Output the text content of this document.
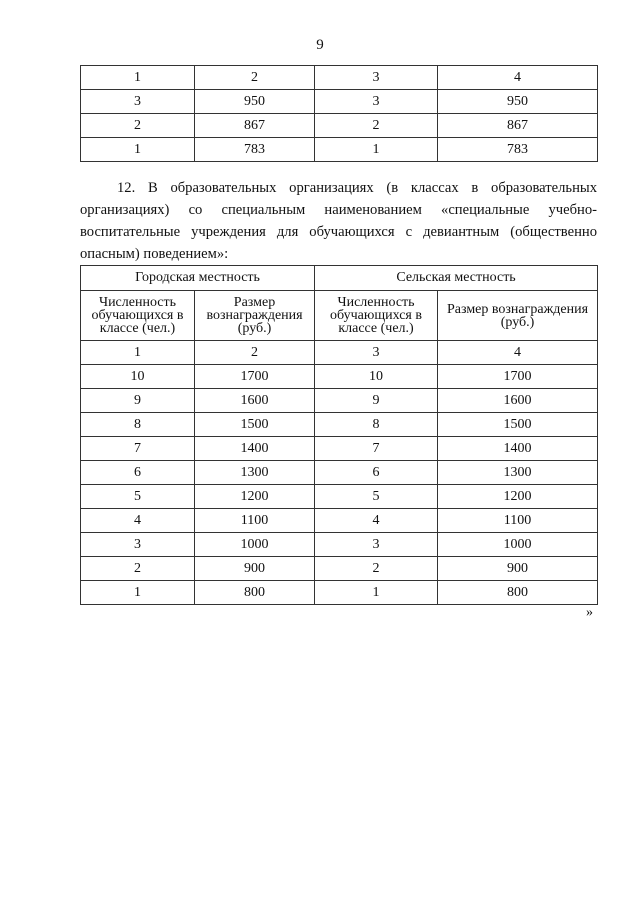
9
1	2	3	4
3	950	3	950
2	867	2	867
1	783	1	783

12. В образовательных организациях (в классах в образовательных организациях) со специальным наименованием «специальные учебно-воспитательные учреждения для обучающихся с девиантным (общественно опасным) поведением»:

Городская местность		Сельская местность	
Численность обучающихся в классе (чел.)	Размер вознаграждения (руб.)	Численность обучающихся в классе (чел.)	Размер вознаграждения (руб.)
1	2	3	4
10	1700	10	1700
9	1600	9	1600
8	1500	8	1500
7	1400	7	1400
6	1300	6	1300
5	1200	5	1200
4	1100	4	1100
3	1000	3	1000
2	900	2	900
1	800	1	800
»
